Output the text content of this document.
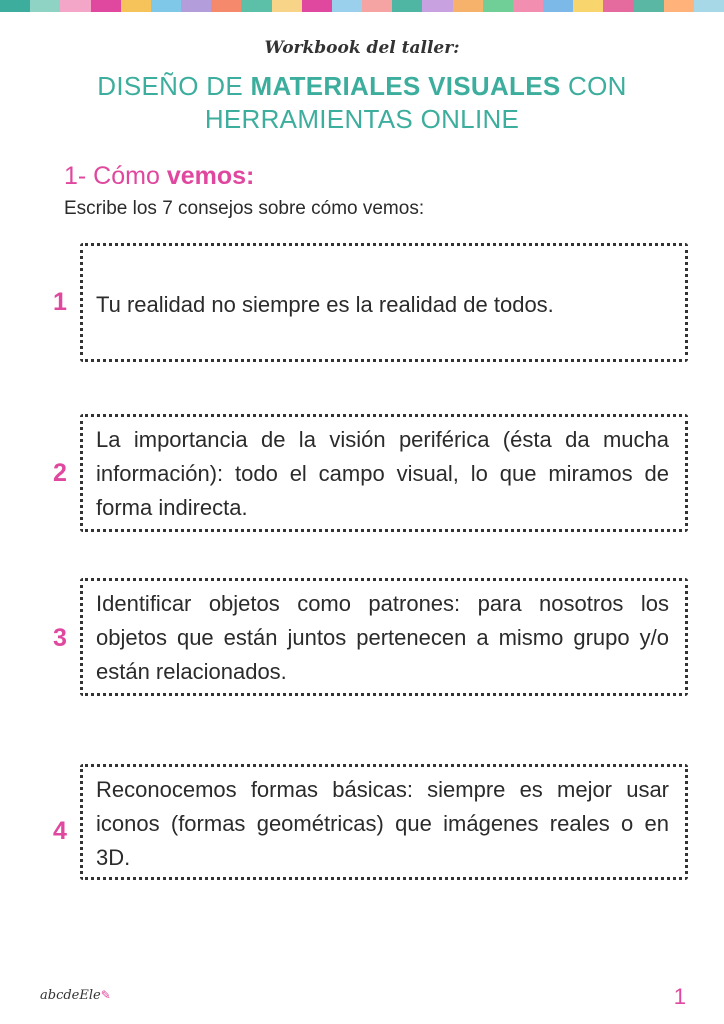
Workbook del taller:
DISEÑO DE MATERIALES VISUALES CON HERRAMIENTAS ONLINE
1- Cómo vemos:
Escribe los 7 consejos sobre cómo vemos:
1	Tu realidad no siempre es la realidad de todos.
2
La importancia de la visión periférica (ésta da mucha información): todo el campo visual, lo que miramos de forma indirecta.
3
Identificar objetos como patrones: para nosotros los objetos que están juntos pertenecen a mismo grupo y/o están relacionados.
4
Reconocemos formas básicas: siempre es mejor usar iconos (formas geométricas) que imágenes reales o en 3D.
abcdeEle✎	1
